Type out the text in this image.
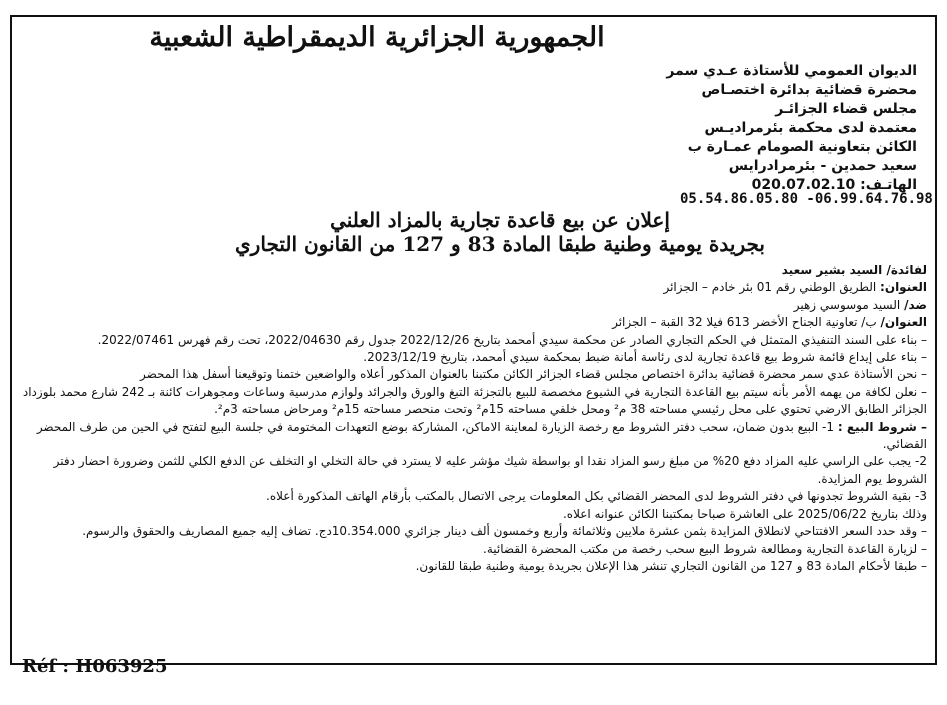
الجمهورية الجزائرية الديمقراطية الشعبية
الديوان العمومي للأستاذة عـدي سمر
محضرة قضائية بدائرة اختصـاص
مجلس قضاء الجزائـر
معتمدة لدى محكمة بئرمراديـس
الكائن بتعاونية الصومام عمـارة ب
سعيد حمدين - بئرمرادرايس
الهاتـف: 020.07.02.10
05.54.86.05.80 -06.99.64.76.98
إعلان عن بيع قاعدة تجارية بالمزاد العلني
بجريدة يومية وطنية طبقا المادة 83 و 127 من القانون التجاري

لفائدة/ السيد بشير سعيد

العنوان: الطريق الوطني رقم 01 بئر خادم – الجزائر

ضد/ السيد موسوسي زهير

العنوان/ ب/ تعاونية الجناح الأخضر 613 فيلا 32 القبة – الجزائر

– بناء على السند التنفيذي المتمثل في الحكم التجاري الصادر عن محكمة سيدي أمحمد بتاريخ 2022/12/26 جدول رقم 2022/04630، تحت رقم فهرس 2022/07461.

– بناء على إيداع قائمة شروط بيع قاعدة تجارية لدى رئاسة أمانة ضبط بمحكمة سيدي أمحمد، بتاريخ 2023/12/19.

– نحن الأستاذة عدي سمر محضرة قضائية بدائرة اختصاص مجلس قضاء الجزائر الكائن مكتبنا بالعنوان المذكور أعلاه والواضعين ختمنا وتوقيعنا أسفل هذا المحضر

– نعلن لكافة من يهمه الأمر بأنه سيتم بيع القاعدة التجارية في الشيوع مخصصة للبيع بالتجزئة التبغ والورق والجرائد ولوازم مدرسية وساعات ومجوهرات كائنة بـ 242 شارع محمد بلوزداد الجزائر الطابق الارضي تحتوي على محل رئيسي مساحته 38 م² ومحل خلفي مساحته 15م² وتحت منحصر مساحته 15م² ومرحاض مساحته 3م².

– شروط البيع : 1- البيع بدون ضمان، سحب دفتر الشروط مع رخصة الزيارة لمعاينة الاماكن، المشاركة بوضع التعهدات المختومة في جلسة البيع لتفتح في الحين من طرف المحضر القضائي.

2- يجب على الراسي عليه المزاد دفع 20% من مبلغ رسو المزاد نقدا او بواسطة شيك مؤشر عليه لا يسترد في حالة التخلي او التخلف عن الدفع الكلي للثمن وضرورة احضار دفتر الشروط يوم المزايدة.

3- بقية الشروط تجدونها في دفتر الشروط لدى المحضر القضائي بكل المعلومات يرجى الاتصال بالمكتب بأرقام الهاتف المذكورة أعلاه.

وذلك بتاريخ 2025/06/22 على العاشرة صباحا بمكتبنا الكائن عنوانه اعلاه.

– وقد حدد السعر الافتتاحي لانطلاق المزايدة بثمن عشرة ملايين وثلاثمائة وأربع وخمسون ألف دينار جزائري 10.354.000دج. تضاف إليه جميع المصاريف والحقوق والرسوم.

– لزيارة القاعدة التجارية ومطالعة شروط البيع سحب رخصة من مكتب المحضرة القضائية.

– طبقا لأحكام المادة 83 و 127 من القانون التجاري تنشر هذا الإعلان بجريدة يومية وطنية طبقا للقانون.

Réf : H063925
